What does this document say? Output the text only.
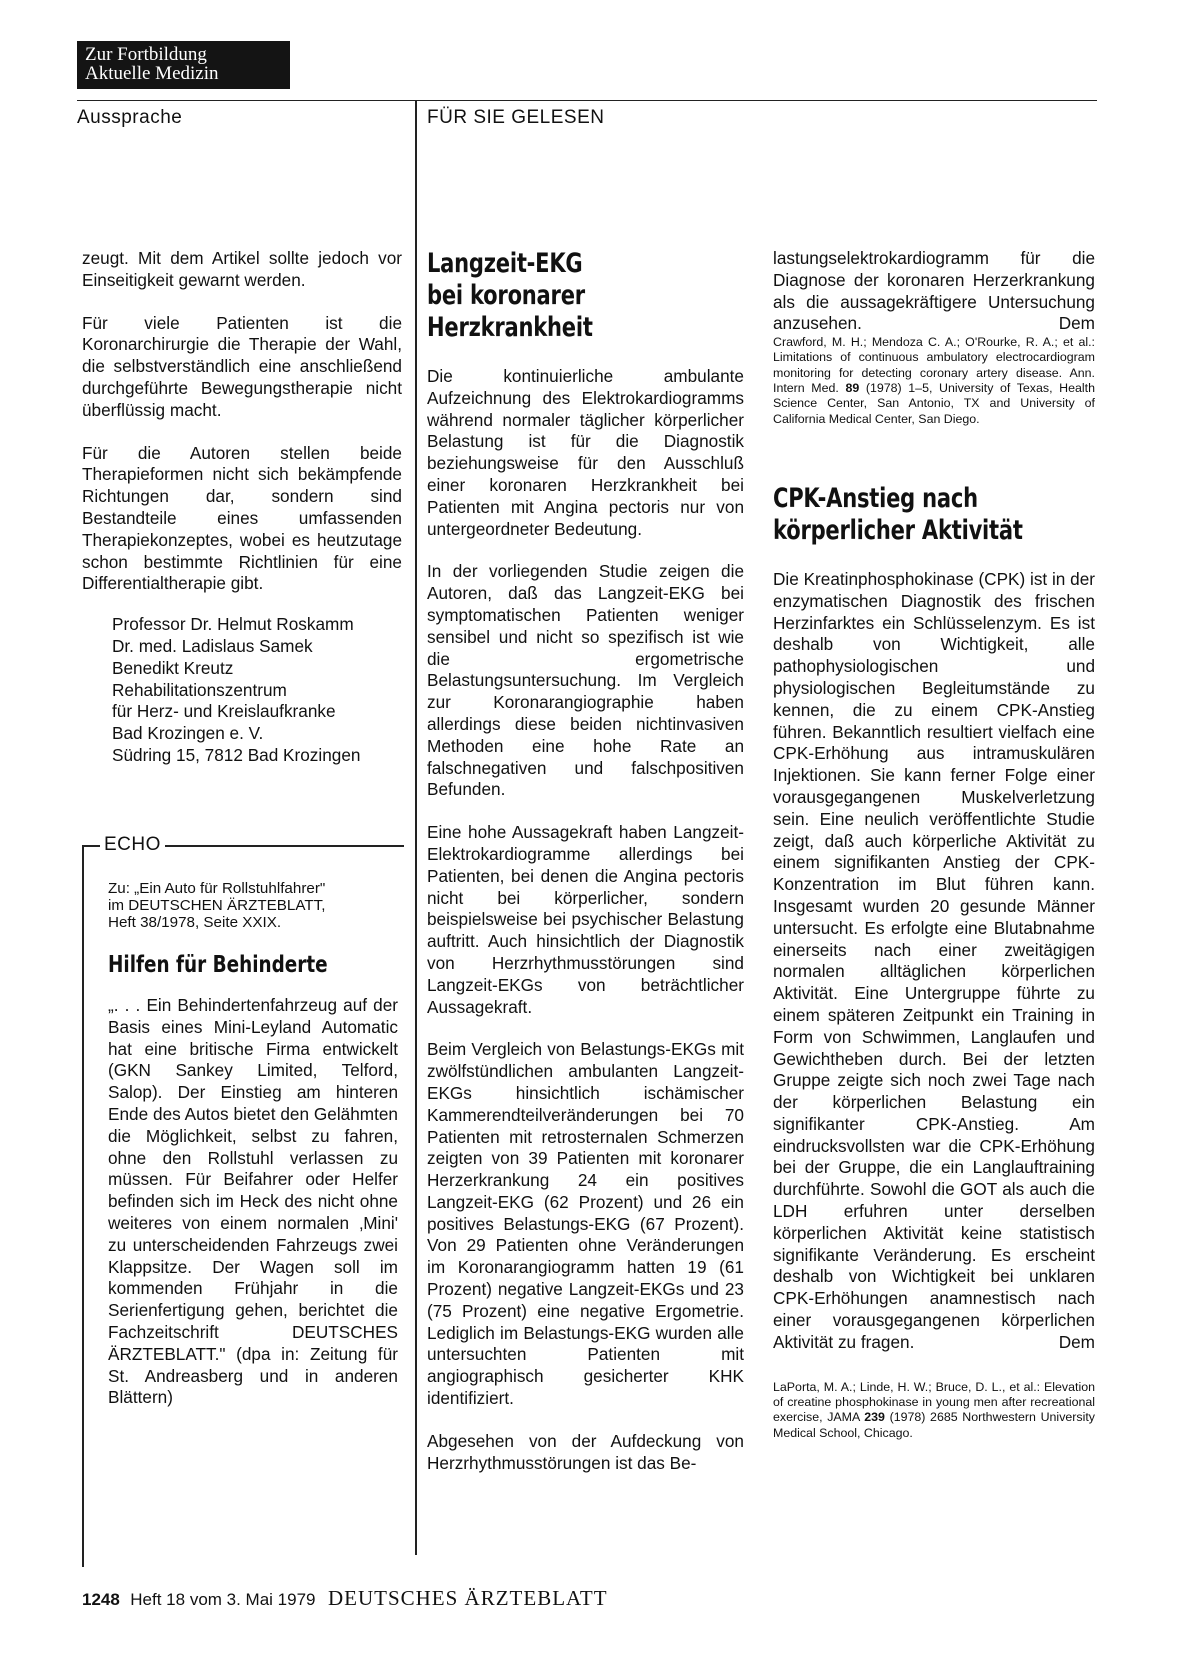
Zur Fortbildung
Aktuelle Medizin
Aussprache	FÜR SIE GELESEN

zeugt. Mit dem Artikel sollte jedoch vor Einseitigkeit gewarnt werden.

Für viele Patienten ist die Koronarchirurgie die Therapie der Wahl, die selbstverständlich eine anschließend durchgeführte Bewegungstherapie nicht überflüssig macht.

Für die Autoren stellen beide Therapieformen nicht sich bekämpfende Richtungen dar, sondern sind Bestandteile eines umfassenden Therapiekonzeptes, wobei es heutzutage schon bestimmte Richtlinien für eine Differentialtherapie gibt.

Professor Dr. Helmut Roskamm
Dr. med. Ladislaus Samek
Benedikt Kreutz
Rehabilitationszentrum
für Herz- und Kreislaufkranke
Bad Krozingen e. V.
Südring 15, 7812 Bad Krozingen
ECHO
Zu: „Ein Auto für Rollstuhlfahrer"
im DEUTSCHEN ÄRZTEBLATT,
Heft 38/1978, Seite XXIX.
Hilfen für Behinderte

„. . . Ein Behindertenfahrzeug auf der Basis eines Mini-Leyland Automatic hat eine britische Firma entwickelt (GKN Sankey Limited, Telford, Salop). Der Einstieg am hinteren Ende des Autos bietet den Gelähmten die Möglichkeit, selbst zu fahren, ohne den Rollstuhl verlassen zu müssen. Für Beifahrer oder Helfer befinden sich im Heck des nicht ohne weiteres von einem normalen ‚Mini' zu unterscheidenden Fahrzeugs zwei Klappsitze. Der Wagen soll im kommenden Frühjahr in die Serienfertigung gehen, berichtet die Fachzeitschrift DEUTSCHES ÄRZTEBLATT." (dpa in: Zeitung für St. Andreasberg und in anderen Blättern)

Langzeit-EKG
bei koronarer
Herzkrankheit

Die kontinuierliche ambulante Aufzeichnung des Elektrokardiogramms während normaler täglicher körperlicher Belastung ist für die Diagnostik beziehungsweise für den Ausschluß einer koronaren Herzkrankheit bei Patienten mit Angina pectoris nur von untergeordneter Bedeutung.

In der vorliegenden Studie zeigen die Autoren, daß das Langzeit-EKG bei symptomatischen Patienten weniger sensibel und nicht so spezifisch ist wie die ergometrische Belastungsuntersuchung. Im Vergleich zur Koronarangiographie haben allerdings diese beiden nichtinvasiven Methoden eine hohe Rate an falschnegativen und falschpositiven Befunden.

Eine hohe Aussagekraft haben Langzeit-Elektrokardiogramme allerdings bei Patienten, bei denen die Angina pectoris nicht bei körperlicher, sondern beispielsweise bei psychischer Belastung auftritt. Auch hinsichtlich der Diagnostik von Herzrhythmusstörungen sind Langzeit-EKGs von beträchtlicher Aussagekraft.

Beim Vergleich von Belastungs-EKGs mit zwölfstündlichen ambulanten Langzeit-EKGs hinsichtlich ischämischer Kammerendteilveränderungen bei 70 Patienten mit retrosternalen Schmerzen zeigten von 39 Patienten mit koronarer Herzerkrankung 24 ein positives Langzeit-EKG (62 Prozent) und 26 ein positives Belastungs-EKG (67 Prozent). Von 29 Patienten ohne Veränderungen im Koronarangiogramm hatten 19 (61 Prozent) negative Langzeit-EKGs und 23 (75 Prozent) eine negative Ergometrie. Lediglich im Belastungs-EKG wurden alle untersuchten Patienten mit angiographisch gesicherter KHK identifiziert.

Abgesehen von der Aufdeckung von Herzrhythmusstörungen ist das Be-

lastungselektrokardiogramm für die Diagnose der koronaren Herzerkrankung als die aussagekräftigere Untersuchung anzusehen.	Dem

Crawford, M. H.; Mendoza C. A.; O'Rourke, R. A.; et al.: Limitations of continuous ambulatory electrocardiogram monitoring for detecting coronary artery disease. Ann. Intern Med. 89 (1978) 1–5, University of Texas, Health Science Center, San Antonio, TX and University of California Medical Center, San Diego.

CPK-Anstieg nach
körperlicher Aktivität

Die Kreatinphosphokinase (CPK) ist in der enzymatischen Diagnostik des frischen Herzinfarktes ein Schlüsselenzym. Es ist deshalb von Wichtigkeit, alle pathophysiologischen und physiologischen Begleitumstände zu kennen, die zu einem CPK-Anstieg führen. Bekanntlich resultiert vielfach eine CPK-Erhöhung aus intramuskulären Injektionen. Sie kann ferner Folge einer vorausgegangenen Muskelverletzung sein. Eine neulich veröffentlichte Studie zeigt, daß auch körperliche Aktivität zu einem signifikanten Anstieg der CPK-Konzentration im Blut führen kann. Insgesamt wurden 20 gesunde Männer untersucht. Es erfolgte eine Blutabnahme einerseits nach einer zweitägigen normalen alltäglichen körperlichen Aktivität. Eine Untergruppe führte zu einem späteren Zeitpunkt ein Training in Form von Schwimmen, Langlaufen und Gewichtheben durch. Bei der letzten Gruppe zeigte sich noch zwei Tage nach der körperlichen Belastung ein signifikanter CPK-Anstieg. Am eindrucksvollsten war die CPK-Erhöhung bei der Gruppe, die ein Langlauftraining durchführte. Sowohl die GOT als auch die LDH erfuhren unter derselben körperlichen Aktivität keine statistisch signifikante Veränderung. Es erscheint deshalb von Wichtigkeit bei unklaren CPK-Erhöhungen anamnestisch nach einer vorausgegangenen körperlichen Aktivität zu fragen.	Dem

LaPorta, M. A.; Linde, H. W.; Bruce, D. L., et al.: Elevation of creatine phosphokinase in young men after recreational exercise, JAMA 239 (1978) 2685 Northwestern University Medical School, Chicago.

1248 Heft 18 vom 3. Mai 1979 DEUTSCHES ÄRZTEBLATT
